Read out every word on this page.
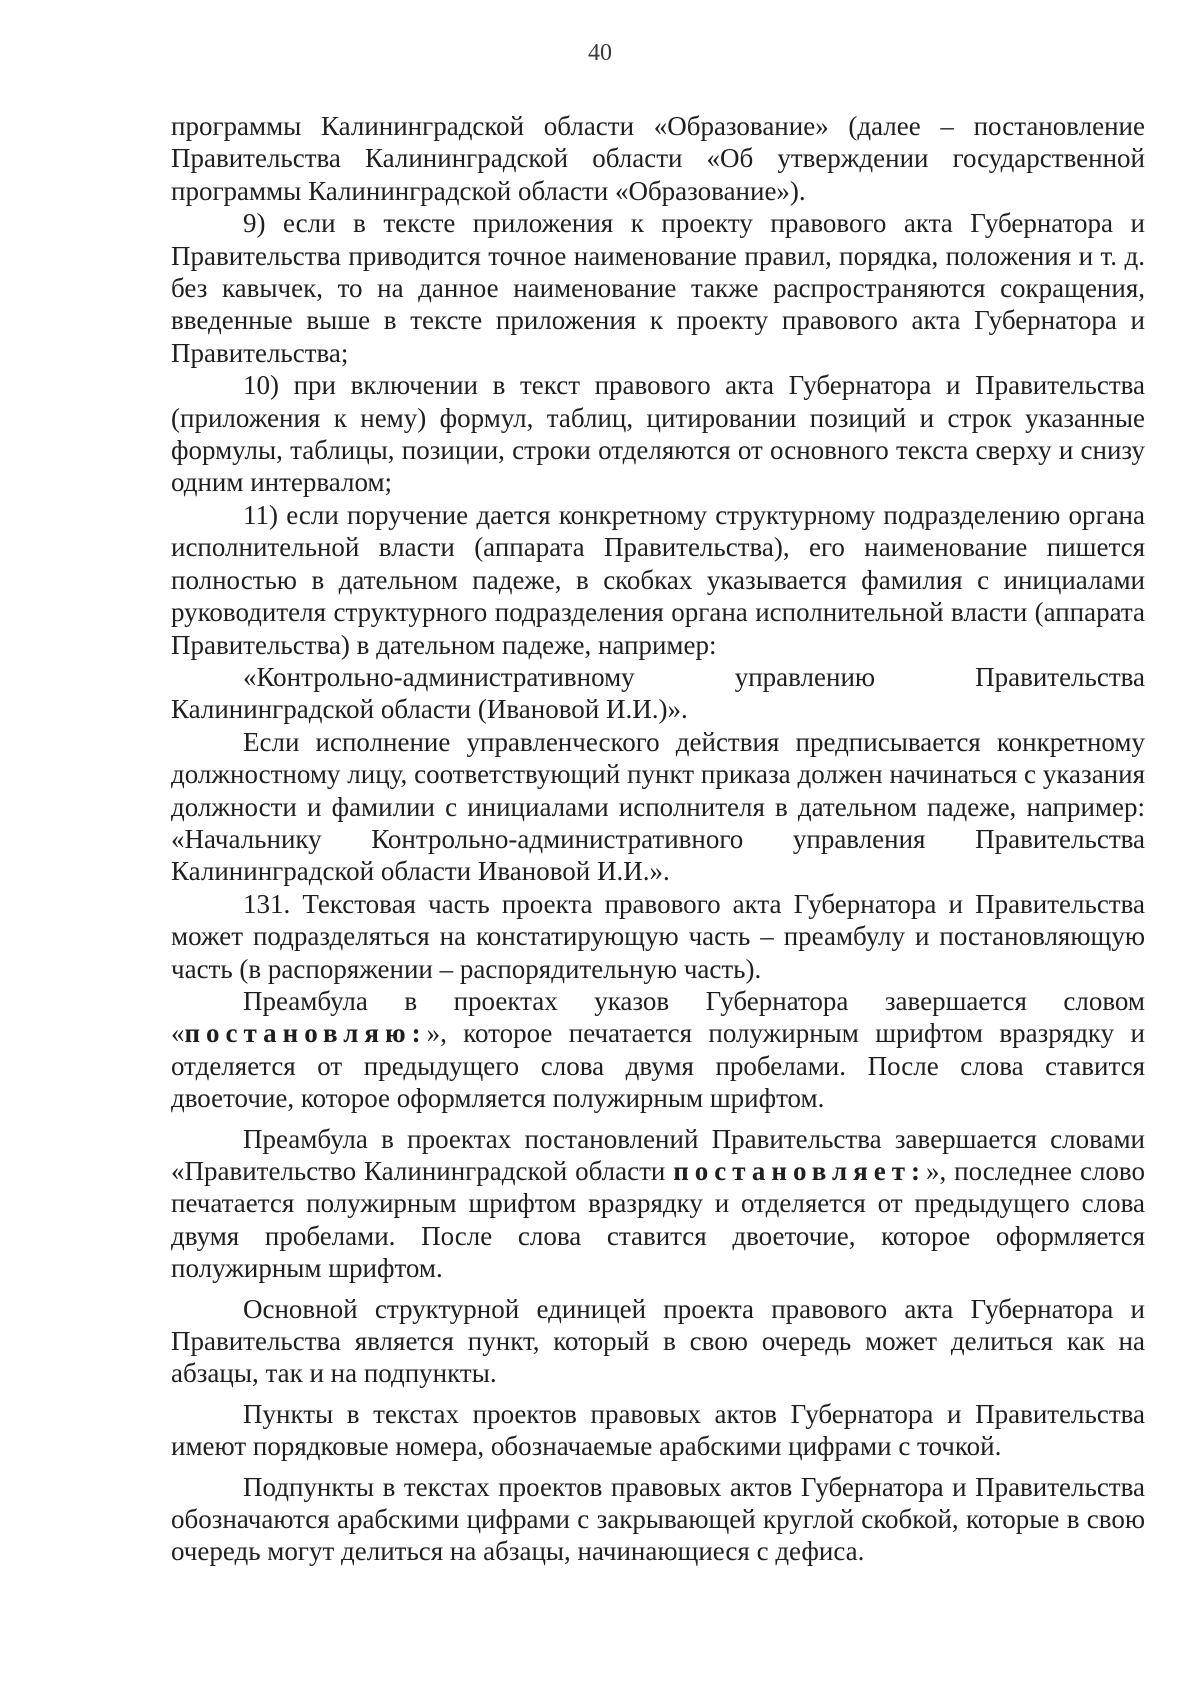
40

программы Калининградской области «Образование» (далее – постановление Правительства Калининградской области «Об утверждении государственной программы Калининградской области «Образование»).

9) если в тексте приложения к проекту правового акта Губернатора и Правительства приводится точное наименование правил, порядка, положения и т. д. без кавычек, то на данное наименование также распространяются сокращения, введенные выше в тексте приложения к проекту правового акта Губернатора и Правительства;

10) при включении в текст правового акта Губернатора и Правительства (приложения к нему) формул, таблиц, цитировании позиций и строк указанные формулы, таблицы, позиции, строки отделяются от основного текста сверху и снизу одним интервалом;

11) если поручение дается конкретному структурному подразделению органа исполнительной власти (аппарата Правительства), его наименование пишется полностью в дательном падеже, в скобках указывается фамилия с инициалами руководителя структурного подразделения органа исполнительной власти (аппарата Правительства) в дательном падеже, например:

«Контрольно-административному управлению Правительства Калининградской области (Ивановой И.И.)».

Если исполнение управленческого действия предписывается конкретному должностному лицу, соответствующий пункт приказа должен начинаться с указания должности и фамилии с инициалами исполнителя в дательном падеже, например: «Начальнику Контрольно-административного управления Правительства Калининградской области Ивановой И.И.».

131. Текстовая часть проекта правового акта Губернатора и Правительства может подразделяться на констатирующую часть – преамбулу и постановляющую часть (в распоряжении – распорядительную часть).

Преамбула в проектах указов Губернатора завершается словом «постановляю:», которое печатается полужирным шрифтом вразрядку и отделяется от предыдущего слова двумя пробелами. После слова ставится двоеточие, которое оформляется полужирным шрифтом.

Преамбула в проектах постановлений Правительства завершается словами «Правительство Калининградской области постановляет:», последнее слово печатается полужирным шрифтом вразрядку и отделяется от предыдущего слова двумя пробелами. После слова ставится двоеточие, которое оформляется полужирным шрифтом.

Основной структурной единицей проекта правового акта Губернатора и Правительства является пункт, который в свою очередь может делиться как на абзацы, так и на подпункты.

Пункты в текстах проектов правовых актов Губернатора и Правительства имеют порядковые номера, обозначаемые арабскими цифрами с точкой.

Подпункты в текстах проектов правовых актов Губернатора и Правительства обозначаются арабскими цифрами с закрывающей круглой скобкой, которые в свою очередь могут делиться на абзацы, начинающиеся с дефиса.
